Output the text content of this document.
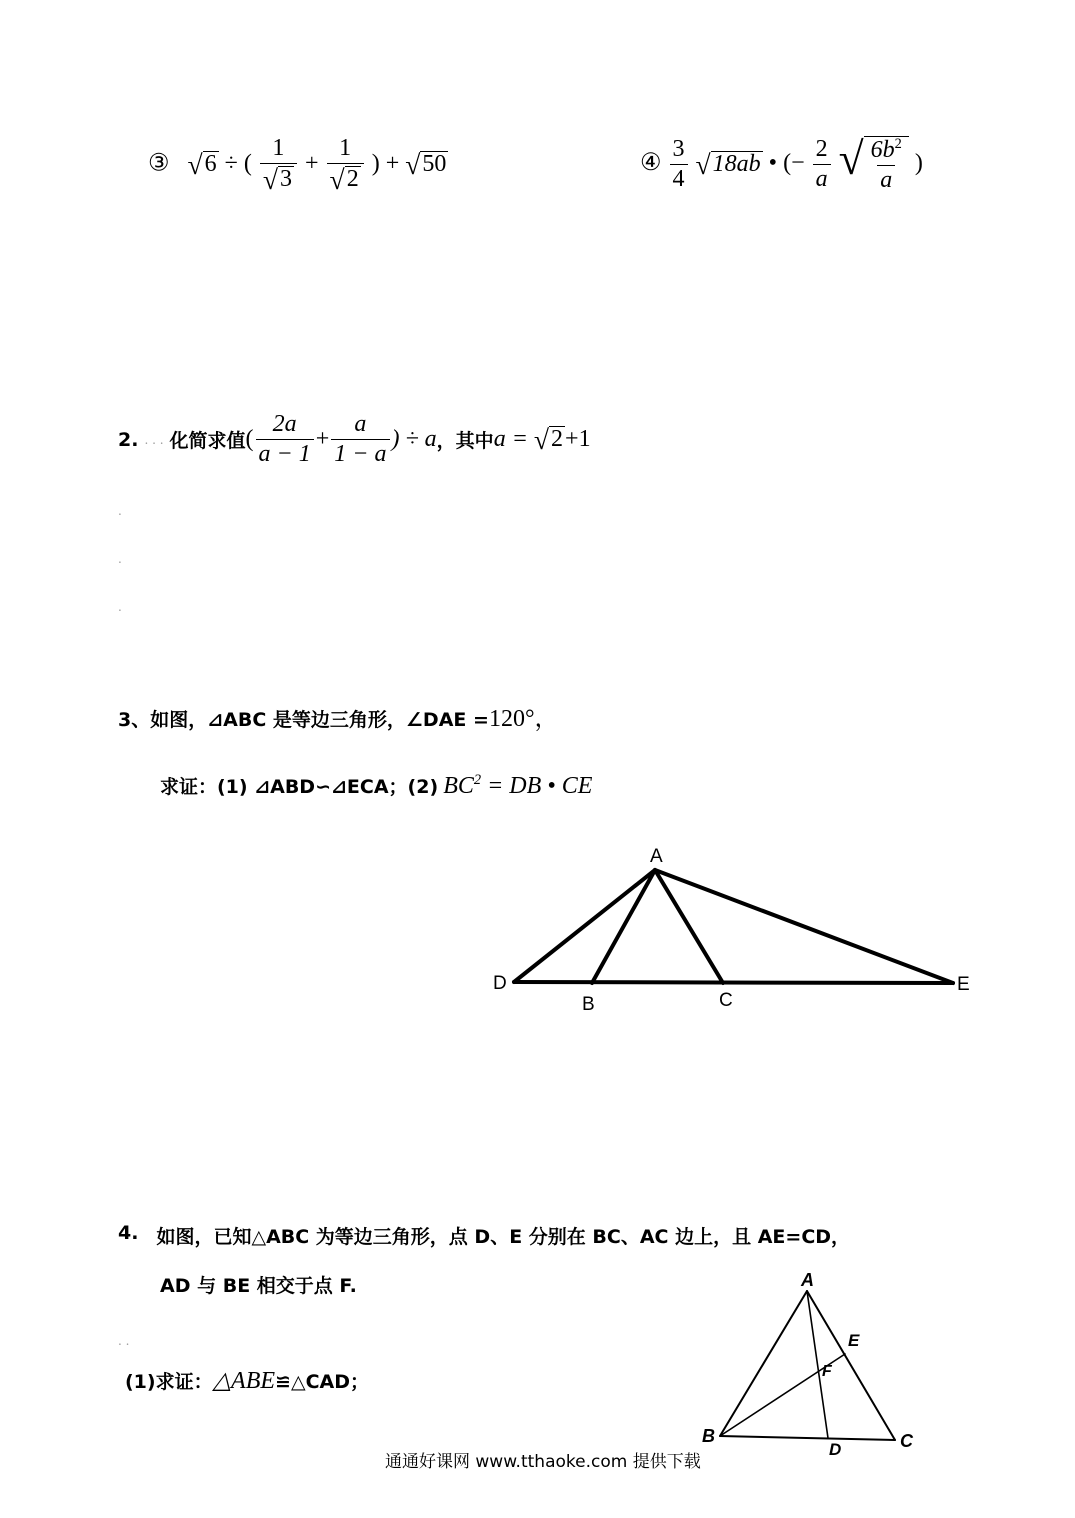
③ √ 6 ÷ ( $\frac{1}{√ 3} + \frac{1}{√ 2}$ ) + √ 50	④ $\frac{3}{4}$
√ 18ab • (− $\frac{2}{a}$
√ $\frac{6b^2}{a}$ )
2. . . . 化简求值 ( $\frac{2a}{a - 1} + \frac{a}{1 - a}$ ) ÷ a ，其中 a =
√ 2 +1
3、 如图，⊿ABC 是等边三角形，∠DAE = 120°，
求证：(1) ⊿ABD∽⊿ECA；(2)
$BC^2$ = DB • CE
A
B	C
D	E
4. 如图，已知△ABC 为等边三角形，点 D、E 分别在 BC、AC 边上，且 AE=CD，
AD 与 BE 相交于点 F.
. .
(1)求证： △ABE ≌△CAD；
.
.
.
A
B	C
D
E
F
通通好课网 www.tthaoke.com 提供下载
